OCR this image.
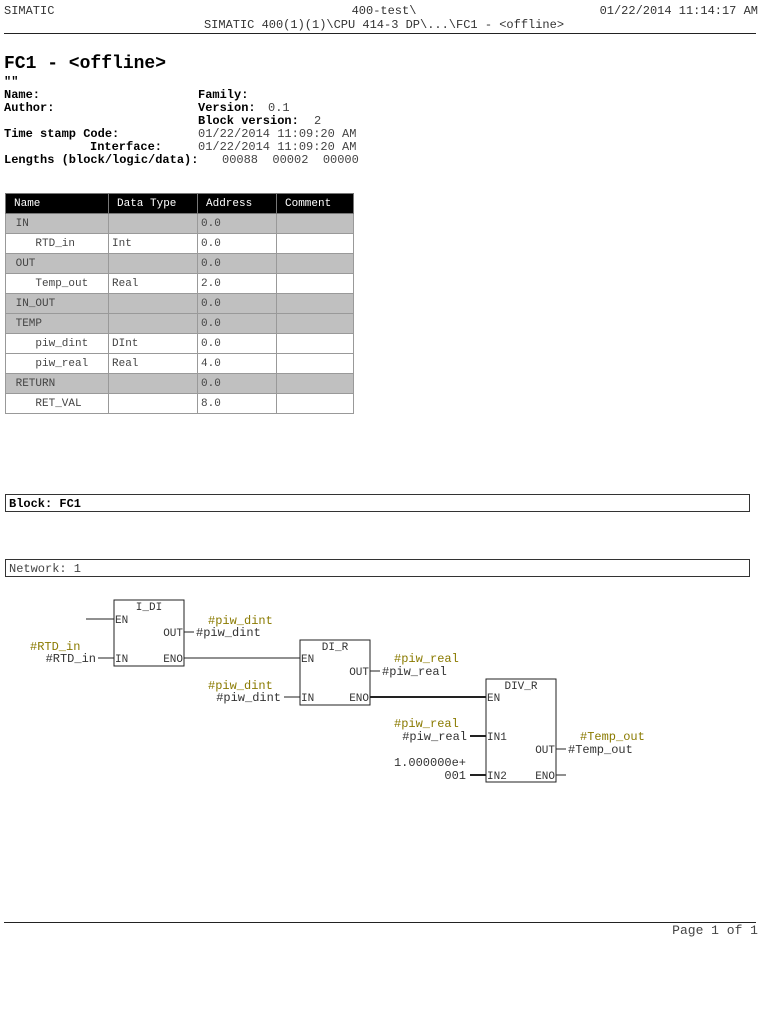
SIMATIC	400-test\
SIMATIC 400(1)(1)\CPU 414-3 DP\...\FC1 - <offline>
01/22/2014 11:14:17 AM
FC1 - <offline>
""
Name:
Author:
Family:
Version: 0.1
Block version: 2
Time stamp Code:	01/22/2014 11:09:20 AM
Interface:	01/22/2014 11:09:20 AM
Lengths (block/logic/data): 00088  00002  00000
Name	Data Type	Address	Comment
IN		0.0	
RTD_in	Int	0.0	
OUT		0.0	
Temp_out	Real	2.0	
IN_OUT		0.0	
TEMP		0.0	
piw_dint	DInt	0.0	
piw_real	Real	4.0	
RETURN		0.0	
RET_VAL		8.0	
Block: FC1
Network: 1
I_DI
EN
OUT
IN	ENO
#RTD_in
#RTD_in
#piw_dint
#piw_dint
DI_R
EN
OUT
IN	ENO
#piw_dint
#piw_dint
#piw_real
#piw_real
DIV_R
EN
IN1
OUT
IN2	ENO
#piw_real
#piw_real
1.000000e+
001
#Temp_out
#Temp_out
Page 1 of 1
